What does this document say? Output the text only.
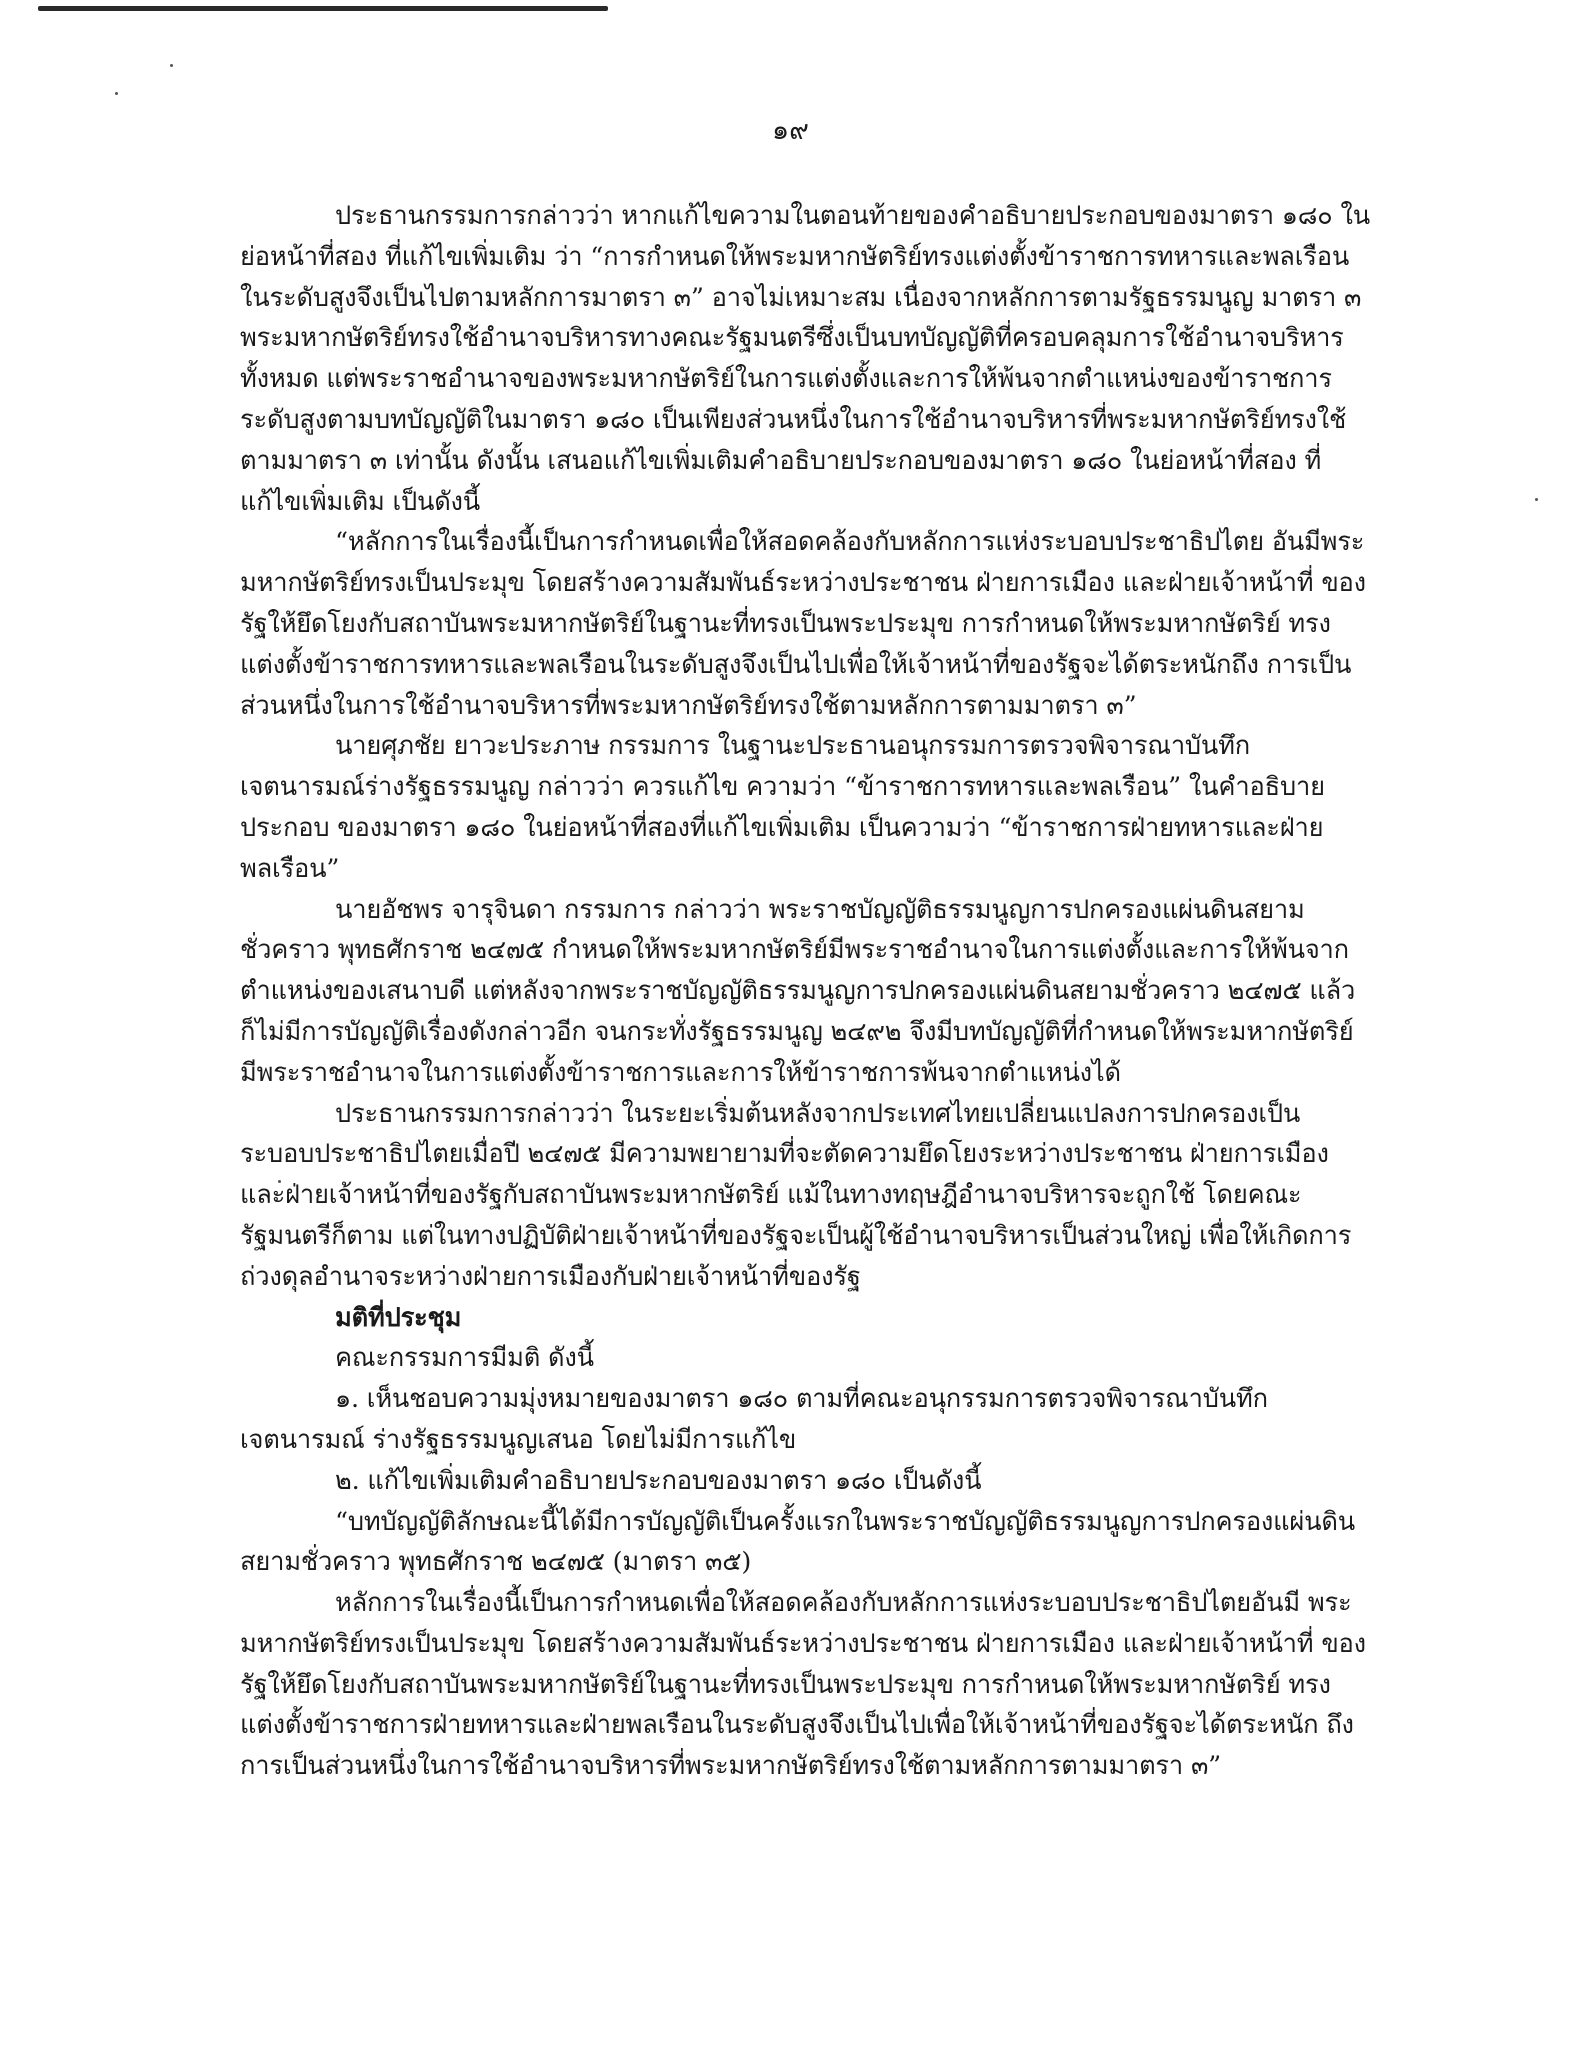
๑๙

ประธานกรรมการกล่าวว่า หากแก้ไขความในตอนท้ายของคำอธิบายประกอบของมาตรา ๑๘๐ ในย่อหน้าที่สอง ที่แก้ไขเพิ่มเติม ว่า “การกำหนดให้พระมหากษัตริย์ทรงแต่งตั้งข้าราชการทหารและพลเรือน ในระดับสูงจึงเป็นไปตามหลักการมาตรา ๓” อาจไม่เหมาะสม เนื่องจากหลักการตามรัฐธรรมนูญ มาตรา ๓ พระมหากษัตริย์ทรงใช้อำนาจบริหารทางคณะรัฐมนตรีซึ่งเป็นบทบัญญัติที่ครอบคลุมการใช้อำนาจบริหาร ทั้งหมด แต่พระราชอำนาจของพระมหากษัตริย์ในการแต่งตั้งและการให้พ้นจากตำแหน่งของข้าราชการ ระดับสูงตามบทบัญญัติในมาตรา ๑๘๐ เป็นเพียงส่วนหนึ่งในการใช้อำนาจบริหารที่พระมหากษัตริย์ทรงใช้ ตามมาตรา ๓ เท่านั้น ดังนั้น เสนอแก้ไขเพิ่มเติมคำอธิบายประกอบของมาตรา ๑๘๐ ในย่อหน้าที่สอง ที่แก้ไขเพิ่มเติม เป็นดังนี้

“หลักการในเรื่องนี้เป็นการกำหนดเพื่อให้สอดคล้องกับหลักการแห่งระบอบประชาธิปไตย อันมีพระมหากษัตริย์ทรงเป็นประมุข โดยสร้างความสัมพันธ์ระหว่างประชาชน ฝ่ายการเมือง และฝ่ายเจ้าหน้าที่ ของรัฐให้ยึดโยงกับสถาบันพระมหากษัตริย์ในฐานะที่ทรงเป็นพระประมุข การกำหนดให้พระมหากษัตริย์ ทรงแต่งตั้งข้าราชการทหารและพลเรือนในระดับสูงจึงเป็นไปเพื่อให้เจ้าหน้าที่ของรัฐจะได้ตระหนักถึง การเป็นส่วนหนึ่งในการใช้อำนาจบริหารที่พระมหากษัตริย์ทรงใช้ตามหลักการตามมาตรา ๓”

นายศุภชัย ยาวะประภาษ กรรมการ ในฐานะประธานอนุกรรมการตรวจพิจารณาบันทึก เจตนารมณ์ร่างรัฐธรรมนูญ กล่าวว่า ควรแก้ไข ความว่า “ข้าราชการทหารและพลเรือน” ในคำอธิบายประกอบ ของมาตรา ๑๘๐ ในย่อหน้าที่สองที่แก้ไขเพิ่มเติม เป็นความว่า “ข้าราชการฝ่ายทหารและฝ่ายพลเรือน”

นายอัชพร จารุจินดา กรรมการ กล่าวว่า พระราชบัญญัติธรรมนูญการปกครองแผ่นดินสยาม ชั่วคราว พุทธศักราช ๒๔๗๕ กำหนดให้พระมหากษัตริย์มีพระราชอำนาจในการแต่งตั้งและการให้พ้นจาก ตำแหน่งของเสนาบดี แต่หลังจากพระราชบัญญัติธรรมนูญการปกครองแผ่นดินสยามชั่วคราว ๒๔๗๕ แล้ว ก็ไม่มีการบัญญัติเรื่องดังกล่าวอีก จนกระทั่งรัฐธรรมนูญ ๒๔๙๒ จึงมีบทบัญญัติที่กำหนดให้พระมหากษัตริย์ มีพระราชอำนาจในการแต่งตั้งข้าราชการและการให้ข้าราชการพ้นจากตำแหน่งได้

ประธานกรรมการกล่าวว่า ในระยะเริ่มต้นหลังจากประเทศไทยเปลี่ยนแปลงการปกครองเป็น ระบอบประชาธิปไตยเมื่อปี ๒๔๗๕ มีความพยายามที่จะตัดความยึดโยงระหว่างประชาชน ฝ่ายการเมือง และฝ่ายเจ้าหน้าที่ของรัฐกับสถาบันพระมหากษัตริย์ แม้ในทางทฤษฎีอำนาจบริหารจะถูกใช้ โดยคณะรัฐมนตรีก็ตาม แต่ในทางปฏิบัติฝ่ายเจ้าหน้าที่ของรัฐจะเป็นผู้ใช้อำนาจบริหารเป็นส่วนใหญ่ เพื่อให้เกิดการถ่วงดุลอำนาจระหว่างฝ่ายการเมืองกับฝ่ายเจ้าหน้าที่ของรัฐ

มติที่ประชุม

คณะกรรมการมีมติ ดังนี้

๑. เห็นชอบความมุ่งหมายของมาตรา ๑๘๐ ตามที่คณะอนุกรรมการตรวจพิจารณาบันทึกเจตนารมณ์ ร่างรัฐธรรมนูญเสนอ โดยไม่มีการแก้ไข

๒. แก้ไขเพิ่มเติมคำอธิบายประกอบของมาตรา ๑๘๐ เป็นดังนี้

“บทบัญญัติลักษณะนี้ได้มีการบัญญัติเป็นครั้งแรกในพระราชบัญญัติธรรมนูญการปกครองแผ่นดิน สยามชั่วคราว พุทธศักราช ๒๔๗๕ (มาตรา ๓๕)

หลักการในเรื่องนี้เป็นการกำหนดเพื่อให้สอดคล้องกับหลักการแห่งระบอบประชาธิปไตยอันมี พระมหากษัตริย์ทรงเป็นประมุข โดยสร้างความสัมพันธ์ระหว่างประชาชน ฝ่ายการเมือง และฝ่ายเจ้าหน้าที่ ของรัฐให้ยึดโยงกับสถาบันพระมหากษัตริย์ในฐานะที่ทรงเป็นพระประมุข การกำหนดให้พระมหากษัตริย์ ทรงแต่งตั้งข้าราชการฝ่ายทหารและฝ่ายพลเรือนในระดับสูงจึงเป็นไปเพื่อให้เจ้าหน้าที่ของรัฐจะได้ตระหนัก ถึงการเป็นส่วนหนึ่งในการใช้อำนาจบริหารที่พระมหากษัตริย์ทรงใช้ตามหลักการตามมาตรา ๓”
